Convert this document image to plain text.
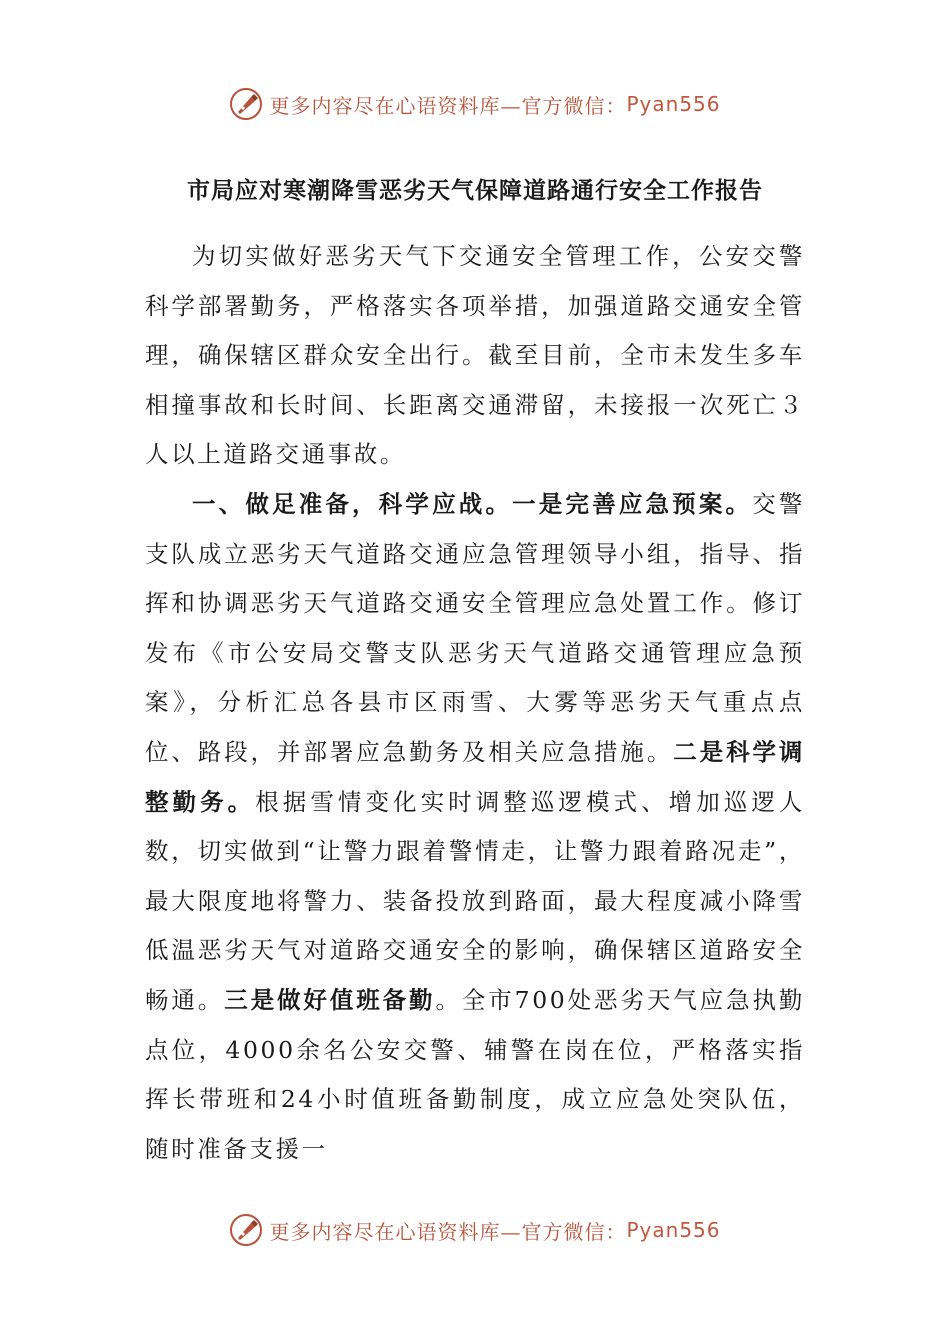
更多内容尽在心语资料库—官方微信： Pyan556
市局应对寒潮降雪恶劣天气保障道路通行安全工作报告

为切实做好恶劣天气下交通安全管理工作，公安交警科学部署勤务，严格落实各项举措，加强道路交通安全管理，确保辖区群众安全出行。截至目前，全市未发生多车相撞事故和长时间、长距离交通滞留，未接报一次死亡３人以上道路交通事故。

一、做足准备，科学应战。一是完善应急预案。交警支队成立恶劣天气道路交通应急管理领导小组，指导、指挥和协调恶劣天气道路交通安全管理应急处置工作。修订发布《市公安局交警支队恶劣天气道路交通管理应急预案》，分析汇总各县市区雨雪、大雾等恶劣天气重点点位、路段，并部署应急勤务及相关应急措施。二是科学调整勤务。根据雪情变化实时调整巡逻模式、增加巡逻人数，切实做到“让警力跟着警情走，让警力跟着路况走”，最大限度地将警力、装备投放到路面，最大程度减小降雪低温恶劣天气对道路交通安全的影响，确保辖区道路安全畅通。三是做好值班备勤。全市700处恶劣天气应急执勤点位，4000余名公安交警、辅警在岗在位，严格落实指挥长带班和24小时值班备勤制度，成立应急处突队伍，随时准备支援一

更多内容尽在心语资料库—官方微信： Pyan556
